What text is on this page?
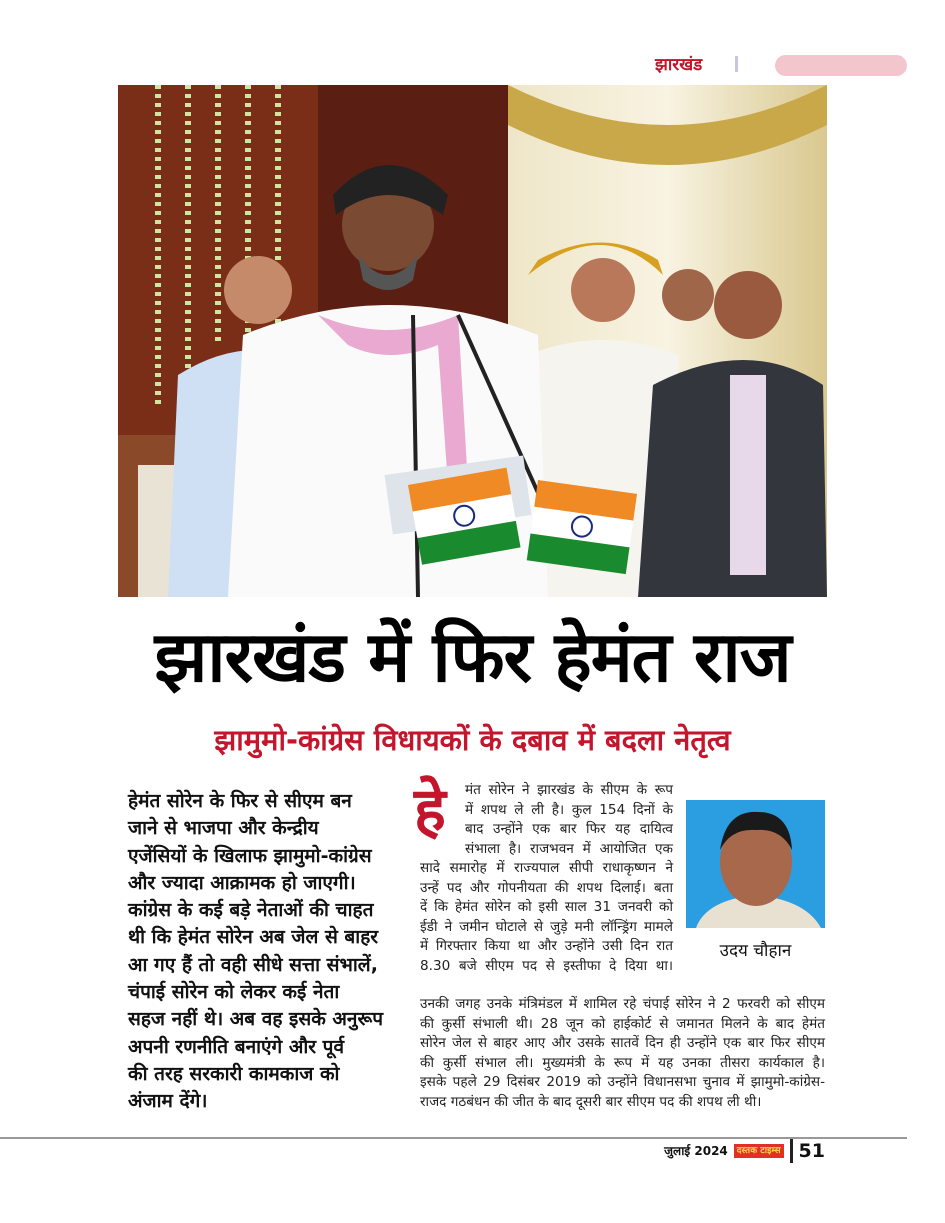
झारखंड
झारखंड में फिर हेमंत राज
झामुमो-कांग्रेस विधायकों के दबाव में बदला नेतृत्व
हेमंत सोरेन के फिर से सीएम बन
जाने से भाजपा और केन्द्रीय
एजेंसियों के खिलाफ झामुमो-कांग्रेस
और ज्यादा आक्रामक हो जाएगी।
कांग्रेस के कई बड़े नेताओं की चाहत
थी कि हेमंत सोरेन अब जेल से बाहर
आ गए हैं तो वही सीधे सत्ता संभालें,
चंपाई सोरेन को लेकर कई नेता
सहज नहीं थे। अब वह इसके अनुरूप
अपनी रणनीति बनाएंगे और पूर्व
की तरह सरकारी कामकाज को
अंजाम देंगे।
हे मंत सोरेन ने झारखंड के सीएम के रूप
में शपथ ले ली है। कुल 154 दिनों के
बाद उन्होंने एक बार फिर यह दायित्व
संभाला है। राजभवन में आयोजित एक
सादे समारोह में राज्यपाल सीपी राधाकृष्णन ने
उन्हें पद और गोपनीयता की शपथ दिलाई। बता
दें कि हेमंत सोरेन को इसी साल 31 जनवरी को
ईडी ने जमीन घोटाले से जुड़े मनी लॉन्ड्रिंग मामले
में गिरफ्तार किया था और उन्होंने उसी दिन रात
8.30 बजे सीएम पद से इस्तीफा दे दिया था।
उनकी जगह उनके मंत्रिमंडल में शामिल रहे चंपाई सोरेन ने 2 फरवरी को सीएम
की कुर्सी संभाली थी। 28 जून को हाईकोर्ट से जमानत मिलने के बाद हेमंत
सोरेन जेल से बाहर आए और उसके सातवें दिन ही उन्होंने एक बार फिर सीएम
की कुर्सी संभाल ली। मुख्यमंत्री के रूप में यह उनका तीसरा कार्यकाल है।
इसके पहले 29 दिसंबर 2019 को उन्होंने विधानसभा चुनाव में झामुमो-कांग्रेस-
राजद गठबंधन की जीत के बाद दूसरी बार सीएम पद की शपथ ली थी।
उदय चौहान
जुलाई 2024	दस्तक टाइम्स 51
